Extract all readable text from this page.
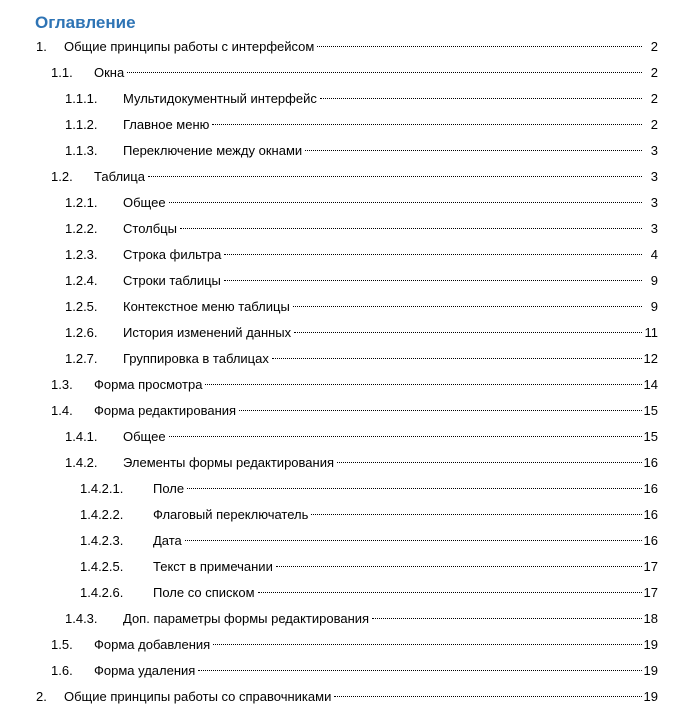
Оглавление
1. Общие принципы работы с интерфейсом	2
1.1. Окна	2
1.1.1. Мультидокументный интерфейс	2
1.1.2. Главное меню	2
1.1.3. Переключение между окнами	3
1.2. Таблица	3
1.2.1. Общее	3
1.2.2. Столбцы	3
1.2.3. Строка фильтра	4
1.2.4. Строки таблицы	9
1.2.5. Контекстное меню таблицы	9
1.2.6. История изменений данных	11
1.2.7. Группировка в таблицах	12
1.3. Форма просмотра	14
1.4. Форма редактирования	15
1.4.1. Общее	15
1.4.2. Элементы формы редактирования	16
1.4.2.1. Поле	16
1.4.2.2. Флаговый переключатель	16
1.4.2.3. Дата	16
1.4.2.5. Текст в примечании	17
1.4.2.6. Поле со списком	17
1.4.3. Доп. параметры формы редактирования	18
1.5. Форма добавления	19
1.6. Форма удаления	19
2. Общие принципы работы со справочниками	19
